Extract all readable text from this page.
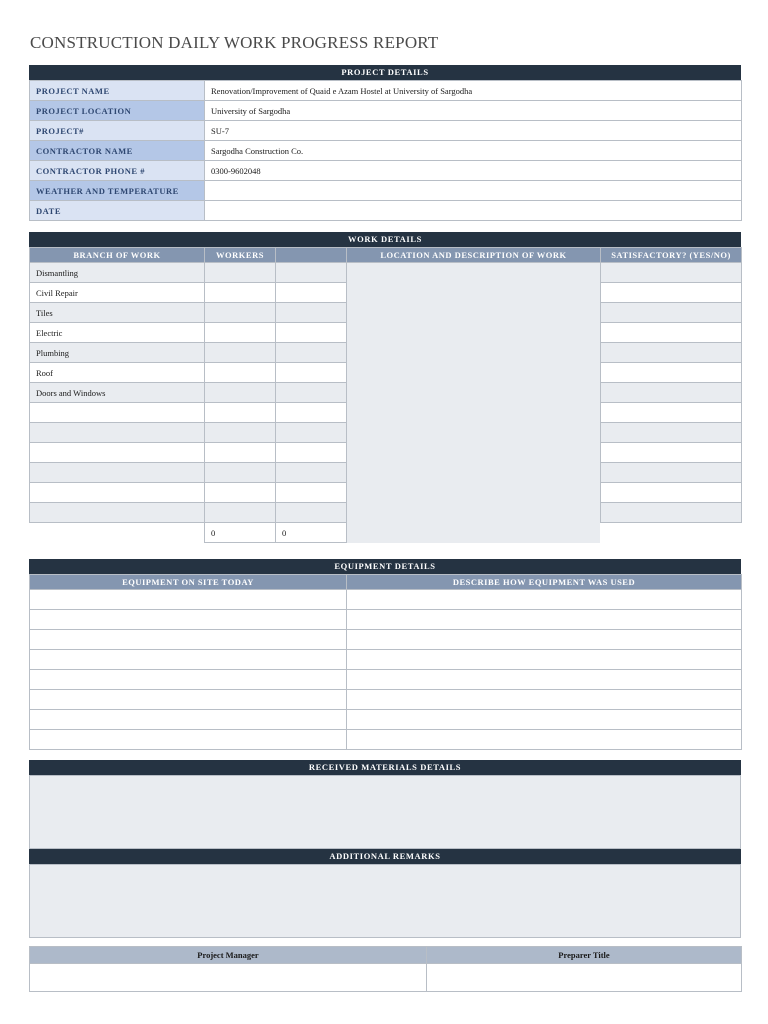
CONSTRUCTION DAILY WORK PROGRESS REPORT
PROJECT DETAILS
PROJECT NAME	Renovation/Improvement of Quaid e Azam Hostel at University of Sargodha
PROJECT LOCATION	University of Sargodha
PROJECT#	SU-7
CONTRACTOR NAME	Sargodha Construction Co.
CONTRACTOR PHONE #	0300-9602048
WEATHER AND TEMPERATURE	
DATE	
WORK DETAILS
BRANCH OF WORK	WORKERS		LOCATION AND DESCRIPTION OF WORK	SATISFACTORY? (YES/NO)
Dismantling				
Civil Repair				
Tiles				
Electric				
Plumbing				
Roof				
Doors and Windows				

	0	0		
EQUIPMENT DETAILS
EQUIPMENT ON SITE TODAY	DESCRIBE HOW EQUIPMENT WAS USED

RECEIVED MATERIALS DETAILS
ADDITIONAL REMARKS
Project Manager	Preparer Title
